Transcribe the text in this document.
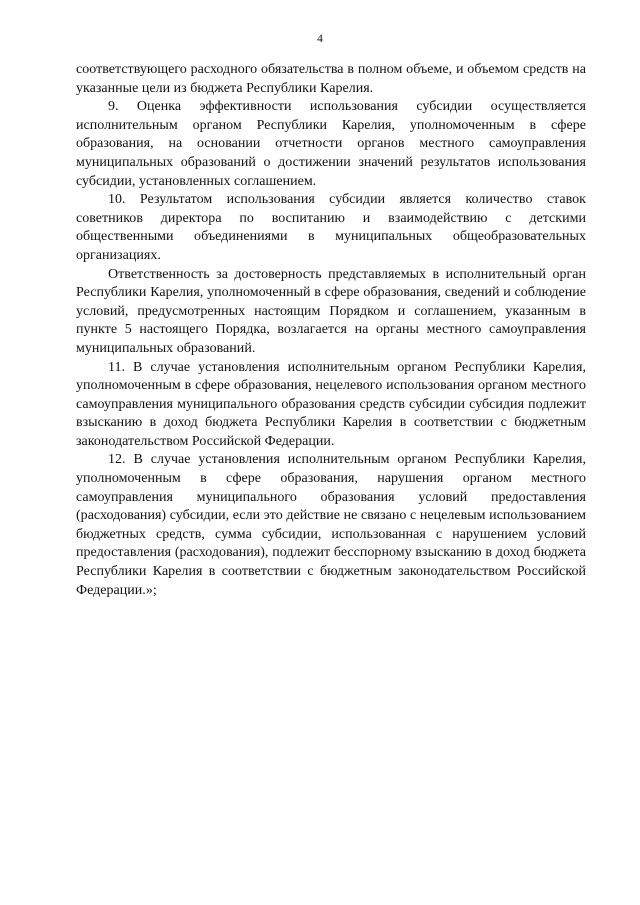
4

соответствующего расходного обязательства в полном объеме, и объемом средств на указанные цели из бюджета Республики Карелия.

9. Оценка эффективности использования субсидии осуществляется исполнительным органом Республики Карелия, уполномоченным в сфере образования, на основании отчетности органов местного самоуправления муниципальных образований о достижении значений результатов использования субсидии, установленных соглашением.

10. Результатом использования субсидии является количество ставок советников директора по воспитанию и взаимодействию с детскими общественными объединениями в муниципальных общеобразовательных организациях.

Ответственность за достоверность представляемых в исполнительный орган Республики Карелия, уполномоченный в сфере образования, сведений и соблюдение условий, предусмотренных настоящим Порядком и соглашением, указанным в пункте 5 настоящего Порядка, возлагается на органы местного самоуправления муниципальных образований.

11. В случае установления исполнительным органом Республики Карелия, уполномоченным в сфере образования, нецелевого использования органом местного самоуправления муниципального образования средств субсидии субсидия подлежит взысканию в доход бюджета Республики Карелия в соответствии с бюджетным законодательством Российской Федерации.

12. В случае установления исполнительным органом Республики Карелия, уполномоченным в сфере образования, нарушения органом местного самоуправления муниципального образования условий предоставления (расходования) субсидии, если это действие не связано с нецелевым использованием бюджетных средств, сумма субсидии, использованная с нарушением условий предоставления (расходования), подлежит бесспорному взысканию в доход бюджета Республики Карелия в соответствии с бюджетным законодательством Российской Федерации.»;
